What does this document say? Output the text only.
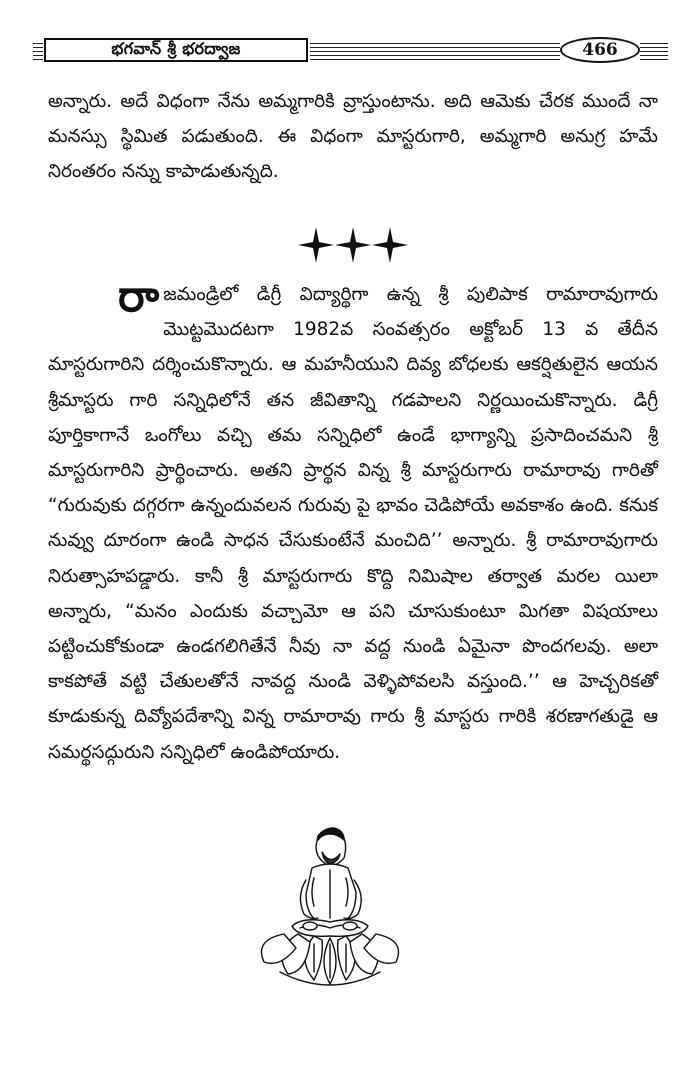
భగవాన్ శ్రీ భరద్వాజ	466

అన్నారు. అదే విధంగా నేను అమ్మగారికి వ్రాస్తుంటాను. అది ఆమెకు చేరక ముందే నా మనస్సు స్థిమిత పడుతుంది. ఈ విధంగా మాస్టరుగారి, అమ్మగారి అనుగ్ర హమే నిరంతరం నన్ను కాపాడుతున్నది.

రాజమండ్రిలో డిగ్రీ విద్యార్థిగా ఉన్న శ్రీ పులిపాక రామారావుగారు మొట్టమొదటగా 1982వ సంవత్సరం అక్టోబర్ 13 వ తేదీన మాస్టరుగారిని దర్శించుకొన్నారు. ఆ మహనీయుని దివ్య బోధలకు ఆకర్షితులైన ఆయన శ్రీమాస్టరు గారి సన్నిధిలోనే తన జీవితాన్ని గడపాలని నిర్ణయించుకొన్నారు. డిగ్రీ పూర్తికాగానే ఒంగోలు వచ్చి తమ సన్నిధిలో ఉండే భాగ్యాన్ని ప్రసాదించమని శ్రీ మాస్టరుగారిని ప్రార్థించారు. అతని ప్రార్థన విన్న శ్రీ మాస్టరుగారు రామారావు గారితో “గురువుకు దగ్గరగా ఉన్నందువలన గురువు పై భావం చెడిపోయే అవకాశం ఉంది. కనుక నువ్వు దూరంగా ఉండి సాధన చేసుకుంటేనే మంచిది’’ అన్నారు. శ్రీ రామారావుగారు నిరుత్సాహపడ్డారు. కానీ శ్రీ మాస్టరుగారు కొద్ది నిమిషాల తర్వాత మరల యిలా అన్నారు, “మనం ఎందుకు వచ్చామో ఆ పని చూసుకుంటూ మిగతా విషయాలు పట్టించుకోకుండా ఉండగలిగితేనే నీవు నా వద్ద నుండి ఏమైనా పొందగలవు. అలా కాకపోతే వట్టి చేతులతోనే నావద్ద నుండి వెళ్ళిపోవలసి వస్తుంది.’’ ఆ హెచ్చరికతో కూడుకున్న దివ్యోపదేశాన్ని విన్న రామారావు గారు శ్రీ మాస్టరు గారికి శరణాగతుడై ఆ సమర్థసద్గురుని సన్నిధిలో ఉండిపోయారు.
